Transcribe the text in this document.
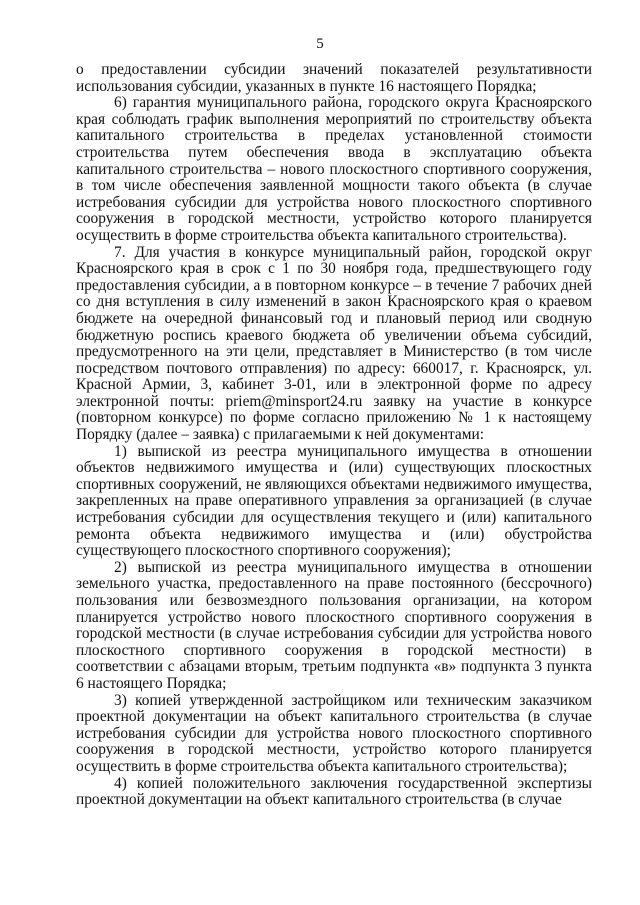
5

о предоставлении субсидии значений показателей результативности использования субсидии, указанных в пункте 16 настоящего Порядка;

6) гарантия муниципального района, городского округа Красноярского края соблюдать график выполнения мероприятий по строительству объекта капитального строительства в пределах установленной стоимости строительства путем обеспечения ввода в эксплуатацию объекта капитального строительства – нового плоскостного спортивного сооружения, в том числе обеспечения заявленной мощности такого объекта (в случае истребования субсидии для устройства нового плоскостного спортивного сооружения в городской местности, устройство которого планируется осуществить в форме строительства объекта капитального строительства).

7. Для участия в конкурсе муниципальный район, городской округ Красноярского края в срок с 1 по 30 ноября года, предшествующего году предоставления субсидии, а в повторном конкурсе – в течение 7 рабочих дней со дня вступления в силу изменений в закон Красноярского края о краевом бюджете на очередной финансовый год и плановый период или сводную бюджетную роспись краевого бюджета об увеличении объема субсидий, предусмотренного на эти цели, представляет в Министерство (в том числе посредством почтового отправления) по адресу: 660017, г. Красноярск, ул. Красной Армии, 3, кабинет 3-01, или в электронной форме по адресу электронной почты: priem@minsport24.ru заявку на участие в конкурсе (повторном конкурсе) по форме согласно приложению № 1 к настоящему Порядку (далее – заявка) с прилагаемыми к ней документами:

1) выпиской из реестра муниципального имущества в отношении объектов недвижимого имущества и (или) существующих плоскостных спортивных сооружений, не являющихся объектами недвижимого имущества, закрепленных на праве оперативного управления за организацией (в случае истребования субсидии для осуществления текущего и (или) капитального ремонта объекта недвижимого имущества и (или) обустройства существующего плоскостного спортивного сооружения);

2) выпиской из реестра муниципального имущества в отношении земельного участка, предоставленного на праве постоянного (бессрочного) пользования или безвозмездного пользования организации, на котором планируется устройство нового плоскостного спортивного сооружения в городской местности (в случае истребования субсидии для устройства нового плоскостного спортивного сооружения в городской местности) в соответствии с абзацами вторым, третьим подпункта «в» подпункта 3 пункта 6 настоящего Порядка;

3) копией утвержденной застройщиком или техническим заказчиком проектной документации на объект капитального строительства (в случае истребования субсидии для устройства нового плоскостного спортивного сооружения в городской местности, устройство которого планируется осуществить в форме строительства объекта капитального строительства);

4) копией положительного заключения государственной экспертизы проектной документации на объект капитального строительства (в случае
